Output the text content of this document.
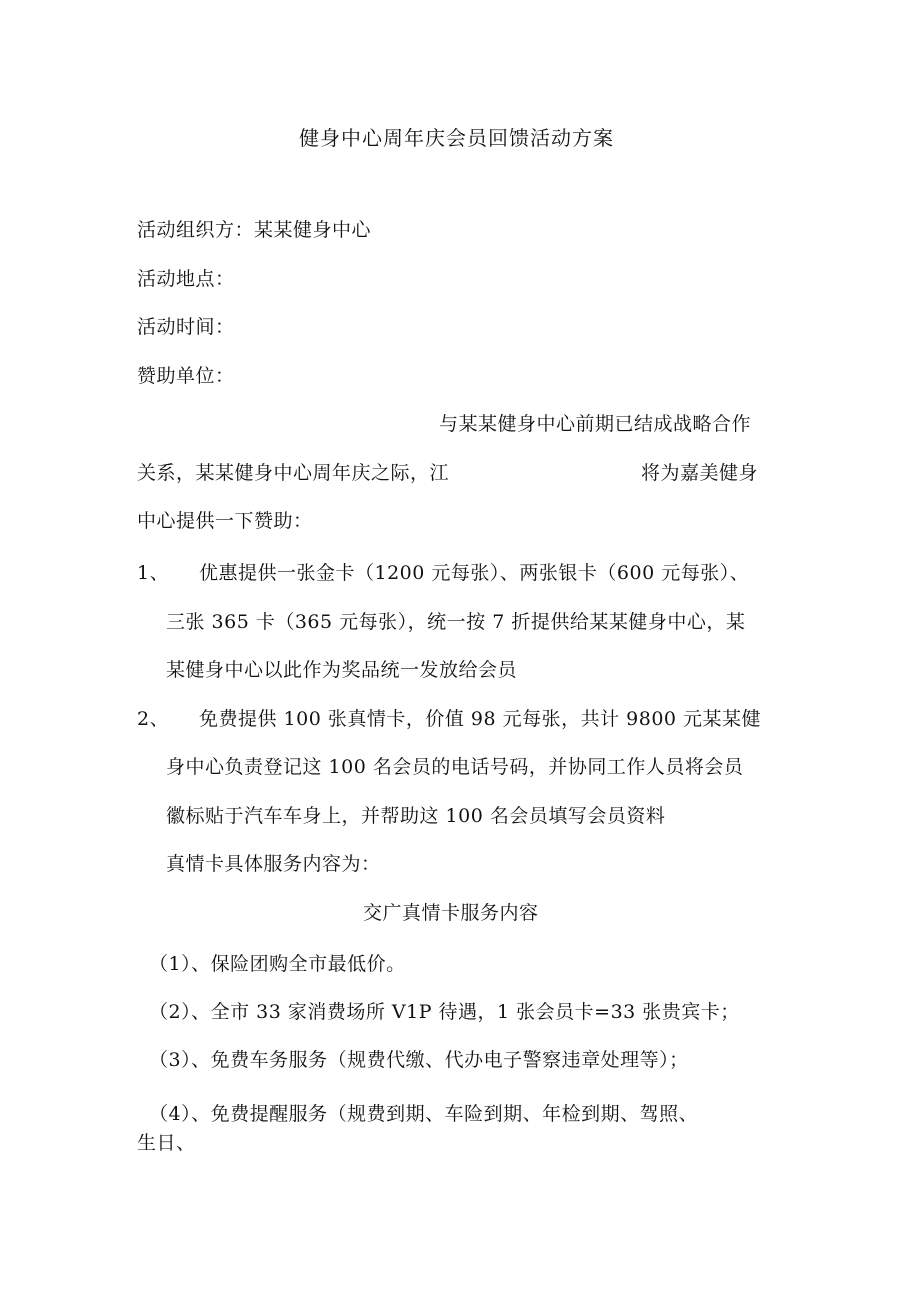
健身中心周年庆会员回馈活动方案
活动组织方：某某健身中心
活动地点：
活动时间：
赞助单位：
与某某健身中心前期已结成战略合作
关系，某某健身中心周年庆之际，江	将为嘉美健身
中心提供一下赞助：
1、 优惠提供一张金卡（1200 元每张）、两张银卡（600 元每张）、
三张 365 卡（365 元每张），统一按 7 折提供给某某健身中心，某
某健身中心以此作为奖品统一发放给会员
2、 免费提供 100 张真情卡，价值 98 元每张，共计 9800 元某某健
身中心负责登记这 100 名会员的电话号码，并协同工作人员将会员
徽标贴于汽车车身上，并帮助这 100 名会员填写会员资料
真情卡具体服务内容为：
交广真情卡服务内容
（1）、保险团购全市最低价。
（2）、全市 33 家消费场所 V1P 待遇，1 张会员卡=33 张贵宾卡；
（3）、免费车务服务（规费代缴、代办电子警察违章处理等）；
（4）、免费提醒服务（规费到期、车险到期、年检到期、驾照、
生日、
